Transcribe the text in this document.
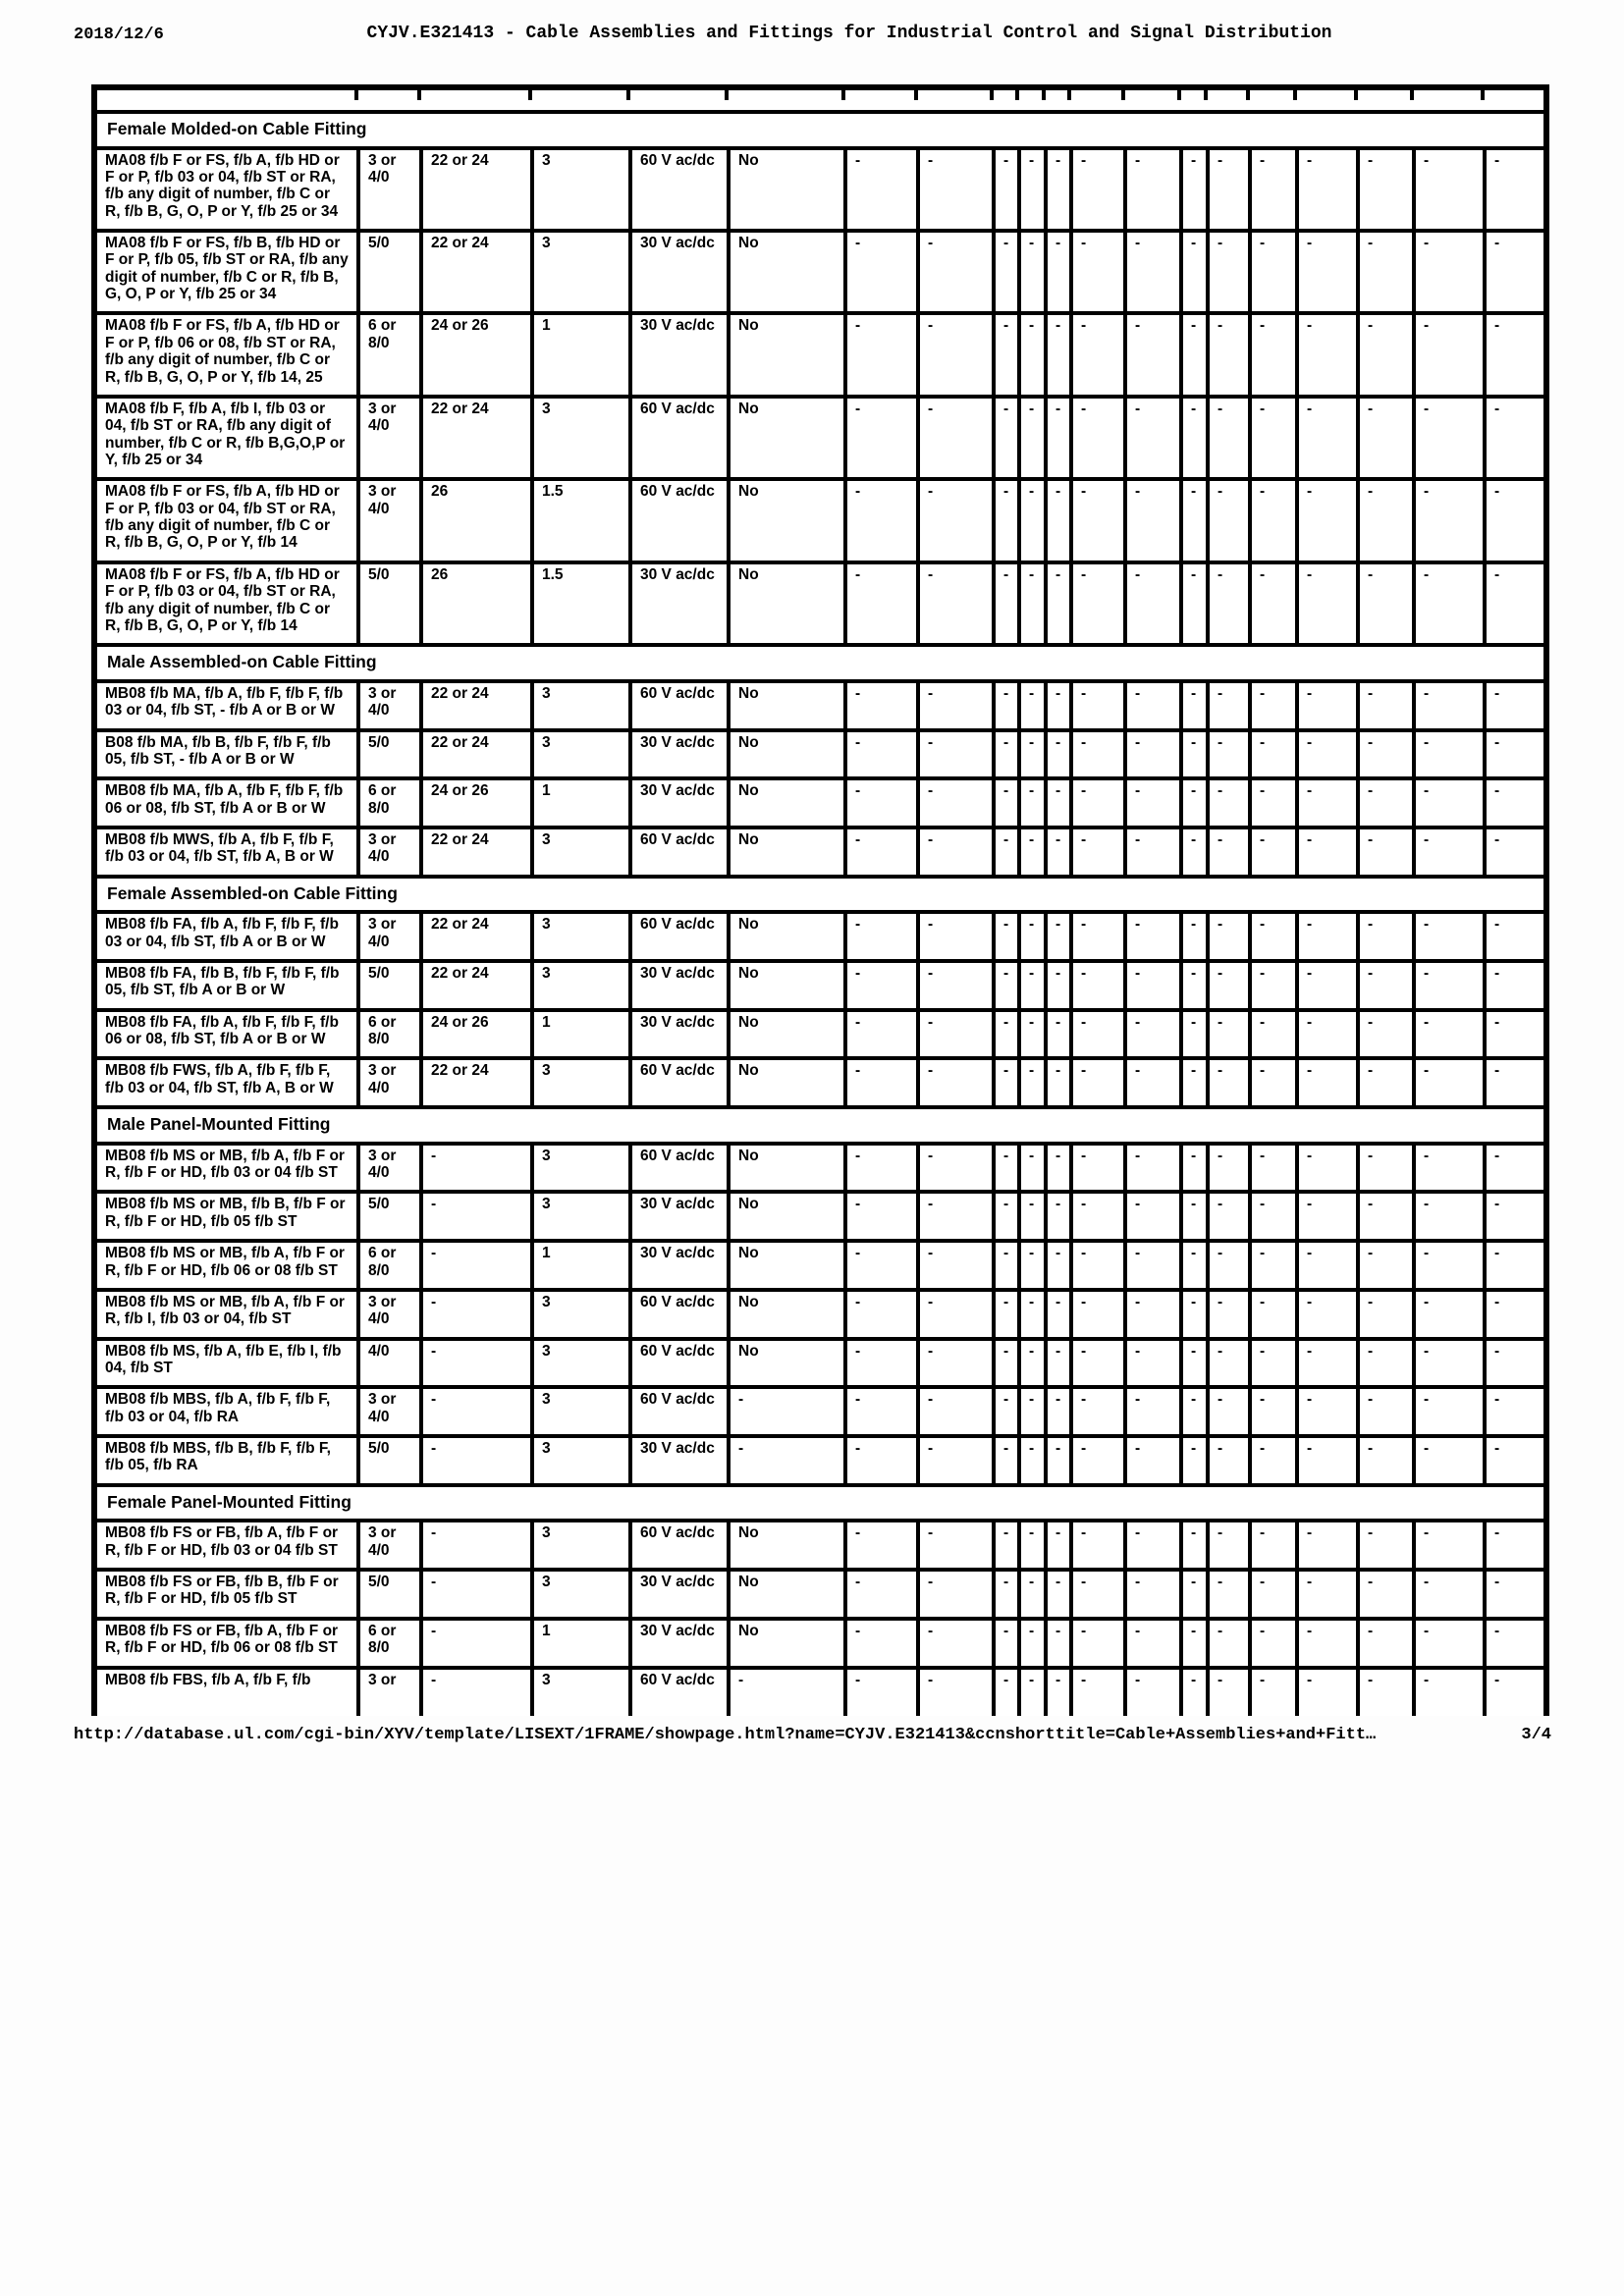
2018/12/6	CYJV.E321413 - Cable Assemblies and Fittings for Industrial Control and Signal Distribution

Female Molded-on Cable Fitting																			
MA08 f/b F or FS, f/b A, f/b HD or F or P, f/b 03 or 04, f/b ST or RA, f/b any digit of number, f/b C or R, f/b B, G, O, P or Y, f/b 25 or 34	3 or 4/0	22 or 24	3	60 V ac/dc	No	-	-	-	-	-	-	-	-	-	-	-	-	-	-
MA08 f/b F or FS, f/b B, f/b HD or F or P, f/b 05, f/b ST or RA, f/b any digit of number, f/b C or R, f/b B, G, O, P or Y, f/b 25 or 34	5/0	22 or 24	3	30 V ac/dc	No	-	-	-	-	-	-	-	-	-	-	-	-	-	-
MA08 f/b F or FS, f/b A, f/b HD or F or P, f/b 06 or 08, f/b ST or RA, f/b any digit of number, f/b C or R, f/b B, G, O, P or Y, f/b 14, 25	6 or 8/0	24 or 26	1	30 V ac/dc	No	-	-	-	-	-	-	-	-	-	-	-	-	-	-
MA08 f/b F, f/b A, f/b I, f/b 03 or 04, f/b ST or RA, f/b any digit of number, f/b C or R, f/b B,G,O,P or Y, f/b 25 or 34	3 or 4/0	22 or 24	3	60 V ac/dc	No	-	-	-	-	-	-	-	-	-	-	-	-	-	-
MA08 f/b F or FS, f/b A, f/b HD or F or P, f/b 03 or 04, f/b ST or RA, f/b any digit of number, f/b C or R, f/b B, G, O, P or Y, f/b 14	3 or 4/0	26	1.5	60 V ac/dc	No	-	-	-	-	-	-	-	-	-	-	-	-	-	-
MA08 f/b F or FS, f/b A, f/b HD or F or P, f/b 03 or 04, f/b ST or RA, f/b any digit of number, f/b C or R, f/b B, G, O, P or Y, f/b 14	5/0	26	1.5	30 V ac/dc	No	-	-	-	-	-	-	-	-	-	-	-	-	-	-
Male Assembled-on Cable Fitting																			
MB08 f/b MA, f/b A, f/b F, f/b F, f/b 03 or 04, f/b ST, - f/b A or B or W	3 or 4/0	22 or 24	3	60 V ac/dc	No	-	-	-	-	-	-	-	-	-	-	-	-	-	-
B08 f/b MA, f/b B, f/b F, f/b F, f/b 05, f/b ST, - f/b A or B or W	5/0	22 or 24	3	30 V ac/dc	No	-	-	-	-	-	-	-	-	-	-	-	-	-	-
MB08 f/b MA, f/b A, f/b F, f/b F, f/b 06 or 08, f/b ST, f/b A or B or W	6 or 8/0	24 or 26	1	30 V ac/dc	No	-	-	-	-	-	-	-	-	-	-	-	-	-	-
MB08 f/b MWS, f/b A, f/b F, f/b F, f/b 03 or 04, f/b ST, f/b A, B or W	3 or 4/0	22 or 24	3	60 V ac/dc	No	-	-	-	-	-	-	-	-	-	-	-	-	-	-
Female Assembled-on Cable Fitting																			
MB08 f/b FA, f/b A, f/b F, f/b F, f/b 03 or 04, f/b ST, f/b A or B or W	3 or 4/0	22 or 24	3	60 V ac/dc	No	-	-	-	-	-	-	-	-	-	-	-	-	-	-
MB08 f/b FA, f/b B, f/b F, f/b F, f/b 05, f/b ST, f/b A or B or W	5/0	22 or 24	3	30 V ac/dc	No	-	-	-	-	-	-	-	-	-	-	-	-	-	-
MB08 f/b FA, f/b A, f/b F, f/b F, f/b 06 or 08, f/b ST, f/b A or B or W	6 or 8/0	24 or 26	1	30 V ac/dc	No	-	-	-	-	-	-	-	-	-	-	-	-	-	-
MB08 f/b FWS, f/b A, f/b F, f/b F, f/b 03 or 04, f/b ST, f/b A, B or W	3 or 4/0	22 or 24	3	60 V ac/dc	No	-	-	-	-	-	-	-	-	-	-	-	-	-	-
Male Panel-Mounted Fitting																			
MB08 f/b MS or MB, f/b A, f/b F or R, f/b F or HD, f/b 03 or 04 f/b ST	3 or 4/0	-	3	60 V ac/dc	No	-	-	-	-	-	-	-	-	-	-	-	-	-	-
MB08 f/b MS or MB, f/b B, f/b F or R, f/b F or HD, f/b 05 f/b ST	5/0	-	3	30 V ac/dc	No	-	-	-	-	-	-	-	-	-	-	-	-	-	-
MB08 f/b MS or MB, f/b A, f/b F or R, f/b F or HD, f/b 06 or 08 f/b ST	6 or 8/0	-	1	30 V ac/dc	No	-	-	-	-	-	-	-	-	-	-	-	-	-	-
MB08 f/b MS or MB, f/b A, f/b F or R, f/b I, f/b 03 or 04, f/b ST	3 or 4/0	-	3	60 V ac/dc	No	-	-	-	-	-	-	-	-	-	-	-	-	-	-
MB08 f/b MS, f/b A, f/b E, f/b I, f/b 04, f/b ST	4/0	-	3	60 V ac/dc	No	-	-	-	-	-	-	-	-	-	-	-	-	-	-
MB08 f/b MBS, f/b A, f/b F, f/b F, f/b 03 or 04, f/b RA	3 or 4/0	-	3	60 V ac/dc	-	-	-	-	-	-	-	-	-	-	-	-	-	-	-
MB08 f/b MBS, f/b B, f/b F, f/b F, f/b 05, f/b RA	5/0	-	3	30 V ac/dc	-	-	-	-	-	-	-	-	-	-	-	-	-	-	-
Female Panel-Mounted Fitting																			
MB08 f/b FS or FB, f/b A, f/b F or R, f/b F or HD, f/b 03 or 04 f/b ST	3 or 4/0	-	3	60 V ac/dc	No	-	-	-	-	-	-	-	-	-	-	-	-	-	-
MB08 f/b FS or FB, f/b B, f/b F or R, f/b F or HD, f/b 05 f/b ST	5/0	-	3	30 V ac/dc	No	-	-	-	-	-	-	-	-	-	-	-	-	-	-
MB08 f/b FS or FB, f/b A, f/b F or R, f/b F or HD, f/b 06 or 08 f/b ST	6 or 8/0	-	1	30 V ac/dc	No	-	-	-	-	-	-	-	-	-	-	-	-	-	-
MB08 f/b FBS, f/b A, f/b F, f/b	3 or	-	3	60 V ac/dc	-	-	-	-	-	-	-	-	-	-	-	-	-	-	-
http://database.ul.com/cgi-bin/XYV/template/LISEXT/1FRAME/showpage.html?name=CYJV.E321413&ccnshorttitle=Cable+Assemblies+and+Fitt…	3/4
